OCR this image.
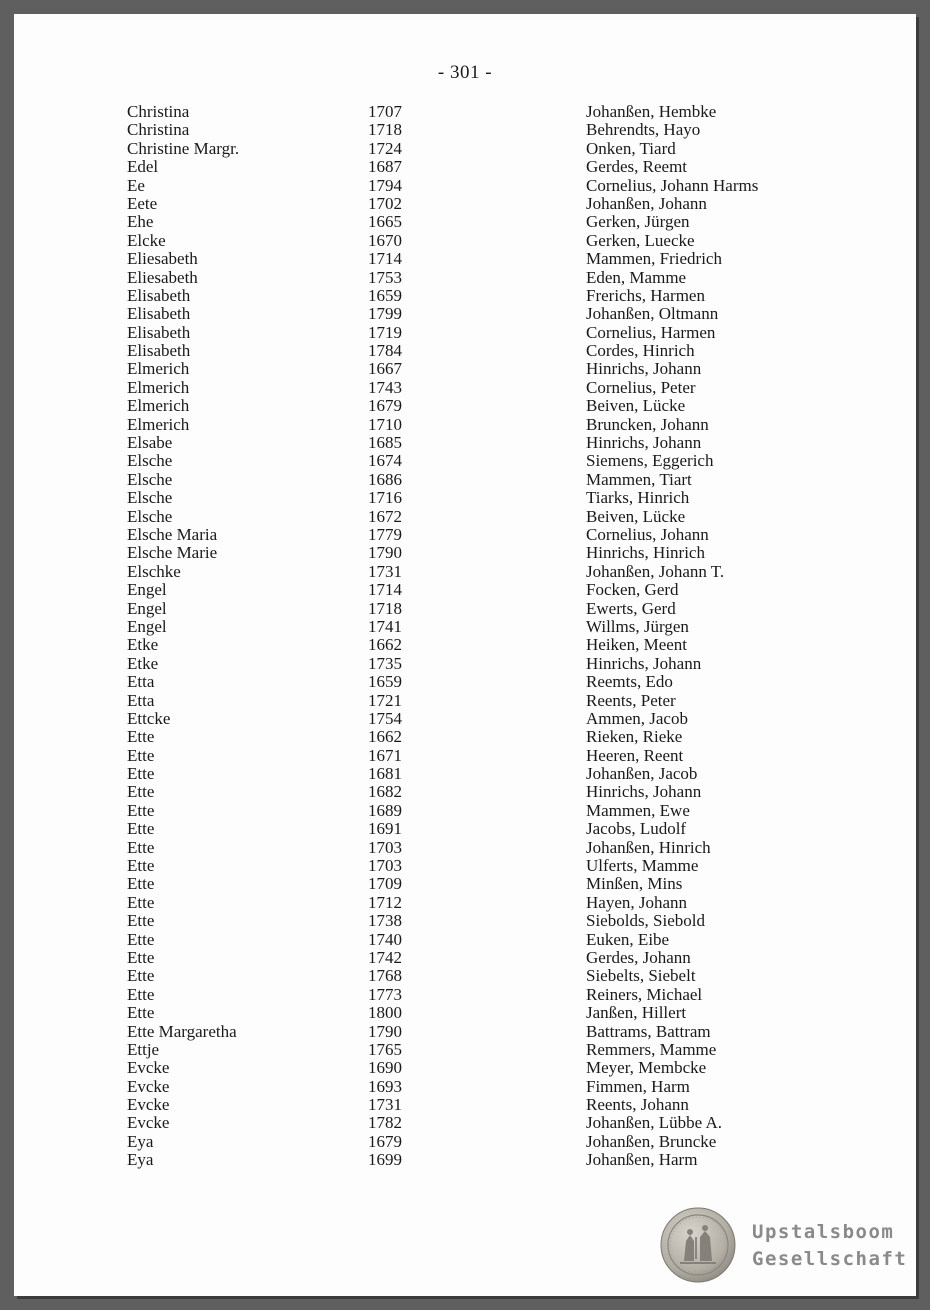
- 301 -
Christina	1707	Johanßen, Hembke
Christina	1718	Behrendts, Hayo
Christine Margr.	1724	Onken, Tiard
Edel	1687	Gerdes, Reemt
Ee	1794	Cornelius, Johann Harms
Eete	1702	Johanßen, Johann
Ehe	1665	Gerken, Jürgen
Elcke	1670	Gerken, Luecke
Eliesabeth	1714	Mammen, Friedrich
Eliesabeth	1753	Eden, Mamme
Elisabeth	1659	Frerichs, Harmen
Elisabeth	1799	Johanßen, Oltmann
Elisabeth	1719	Cornelius, Harmen
Elisabeth	1784	Cordes, Hinrich
Elmerich	1667	Hinrichs, Johann
Elmerich	1743	Cornelius, Peter
Elmerich	1679	Beiven, Lücke
Elmerich	1710	Bruncken, Johann
Elsabe	1685	Hinrichs, Johann
Elsche	1674	Siemens, Eggerich
Elsche	1686	Mammen, Tiart
Elsche	1716	Tiarks, Hinrich
Elsche	1672	Beiven, Lücke
Elsche Maria	1779	Cornelius, Johann
Elsche Marie	1790	Hinrichs, Hinrich
Elschke	1731	Johanßen, Johann T.
Engel	1714	Focken, Gerd
Engel	1718	Ewerts, Gerd
Engel	1741	Willms, Jürgen
Etke	1662	Heiken, Meent
Etke	1735	Hinrichs, Johann
Etta	1659	Reemts, Edo
Etta	1721	Reents, Peter
Ettcke	1754	Ammen, Jacob
Ette	1662	Rieken, Rieke
Ette	1671	Heeren, Reent
Ette	1681	Johanßen, Jacob
Ette	1682	Hinrichs, Johann
Ette	1689	Mammen, Ewe
Ette	1691	Jacobs, Ludolf
Ette	1703	Johanßen, Hinrich
Ette	1703	Ulferts, Mamme
Ette	1709	Minßen, Mins
Ette	1712	Hayen, Johann
Ette	1738	Siebolds, Siebold
Ette	1740	Euken, Eibe
Ette	1742	Gerdes, Johann
Ette	1768	Siebelts, Siebelt
Ette	1773	Reiners, Michael
Ette	1800	Janßen, Hillert
Ette Margaretha	1790	Battrams, Battram
Ettje	1765	Remmers, Mamme
Evcke	1690	Meyer, Membcke
Evcke	1693	Fimmen, Harm
Evcke	1731	Reents, Johann
Evcke	1782	Johanßen, Lübbe A.
Eya	1679	Johanßen, Bruncke
Eya	1699	Johanßen, Harm
Upstalsboom
Gesellschaft
